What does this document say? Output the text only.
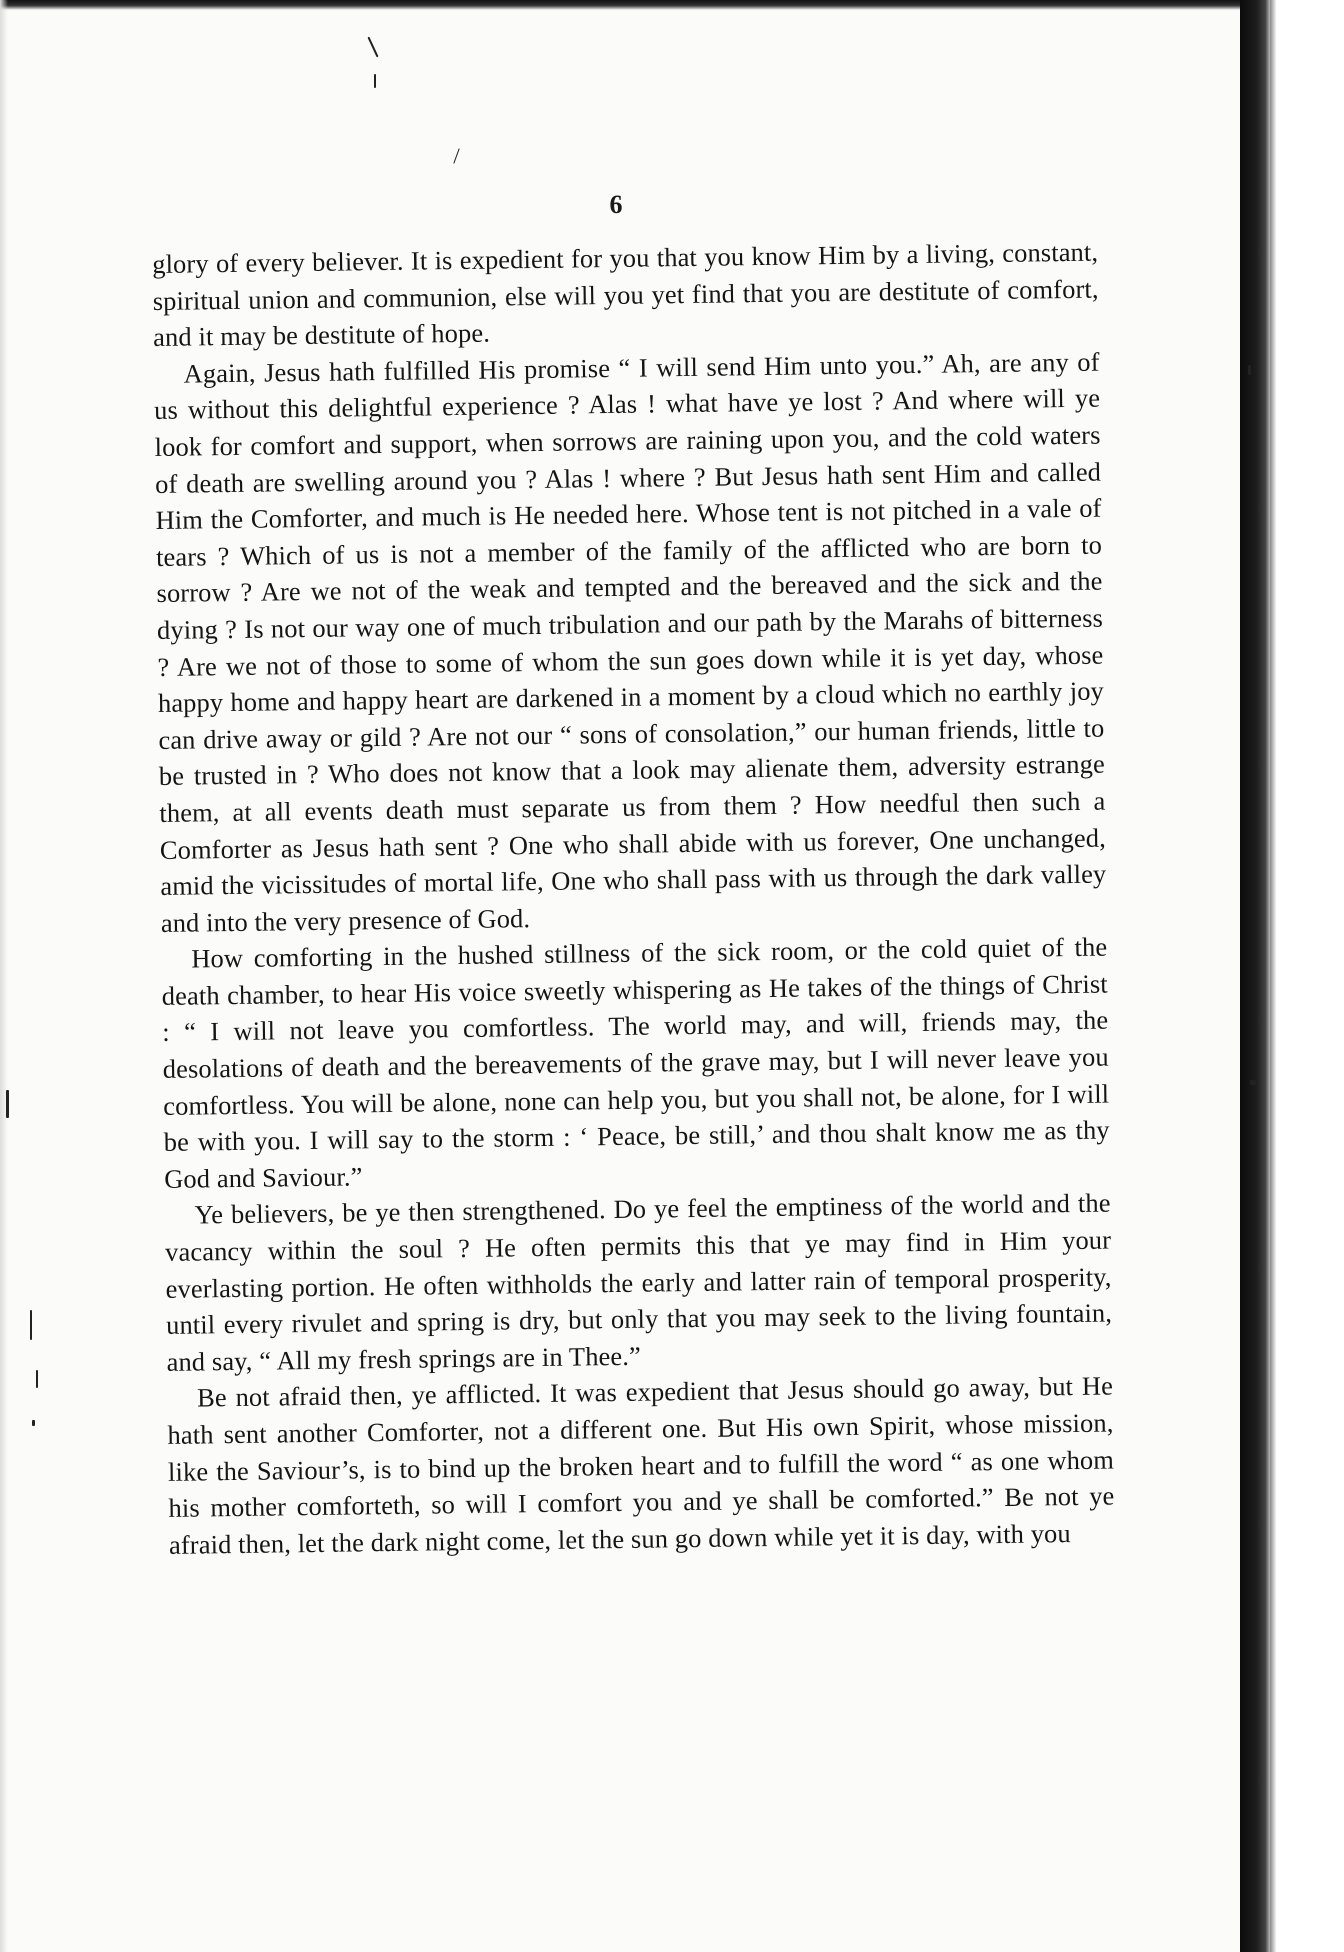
6

glory of every believer. It is expedient for you that you know Him by a living, constant, spiritual union and communion, else will you yet find that you are destitute of comfort, and it may be destitute of hope.

Again, Jesus hath fulfilled His promise “ I will send Him unto you.” Ah, are any of us without this delightful experience ? Alas ! what have ye lost ? And where will ye look for comfort and support, when sorrows are raining upon you, and the cold waters of death are swelling around you ? Alas ! where ? But Jesus hath sent Him and called Him the Comforter, and much is He needed here. Whose tent is not pitched in a vale of tears ? Which of us is not a member of the family of the afflicted who are born to sorrow ? Are we not of the weak and tempted and the bereaved and the sick and the dying ? Is not our way one of much tribulation and our path by the Marahs of bitterness ? Are we not of those to some of whom the sun goes down while it is yet day, whose happy home and happy heart are darkened in a moment by a cloud which no earthly joy can drive away or gild ? Are not our “ sons of consolation,” our human friends, little to be trusted in ? Who does not know that a look may alienate them, adversity estrange them, at all events death must separate us from them ? How needful then such a Comforter as Jesus hath sent ? One who shall abide with us forever, One unchanged, amid the vicissitudes of mortal life, One who shall pass with us through the dark valley and into the very presence of God.

How comforting in the hushed stillness of the sick room, or the cold quiet of the death chamber, to hear His voice sweetly whispering as He takes of the things of Christ : “ I will not leave you comfortless. The world may, and will, friends may, the desolations of death and the bereavements of the grave may, but I will never leave you comfortless. You will be alone, none can help you, but you shall not, be alone, for I will be with you. I will say to the storm : ‘ Peace, be still,’ and thou shalt know me as thy God and Saviour.”

Ye believers, be ye then strengthened. Do ye feel the emptiness of the world and the vacancy within the soul ? He often permits this that ye may find in Him your everlasting portion. He often withholds the early and latter rain of temporal prosperity, until every rivulet and spring is dry, but only that you may seek to the living fountain, and say, “ All my fresh springs are in Thee.”

Be not afraid then, ye afflicted. It was expedient that Jesus should go away, but He hath sent another Comforter, not a different one. But His own Spirit, whose mission, like the Saviour’s, is to bind up the broken heart and to fulfill the word “ as one whom his mother comforteth, so will I comfort you and ye shall be comforted.” Be not ye afraid then, let the dark night come, let the sun go down while yet it is day, with you
